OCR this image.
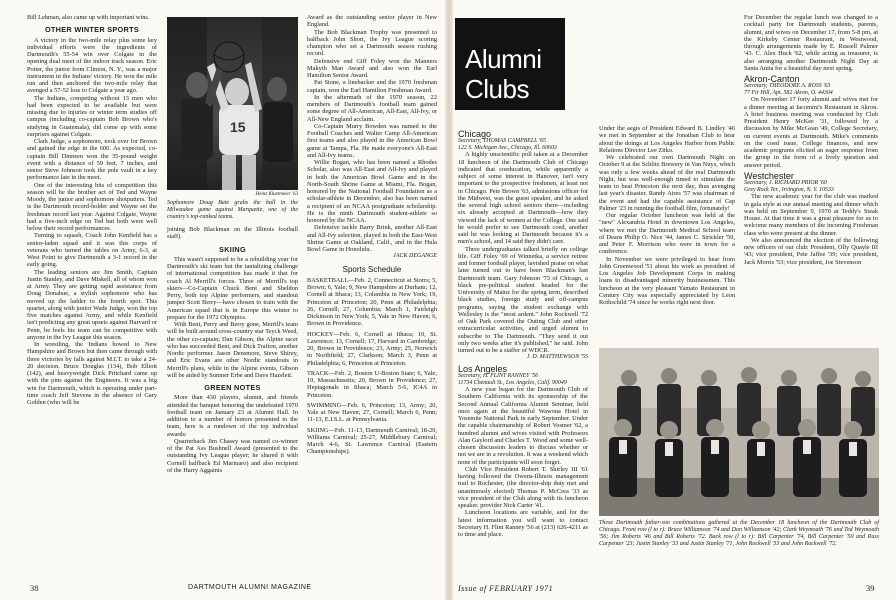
Bill Lehman, also came up with important wins.

OTHER WINTER SPORTS

A victory in the two-mile relay plus some key individual efforts were the ingredients of Dartmouth's 55-54 win over Colgate in the opening dual meet of the indoor track season. Eric Potter, the junior from Clinton, N. Y., was a major instrument in the Indians' victory. He won the mile run and then anchored the two-mile relay that avenged a 57-52 loss to Colgate a year ago.

The Indians, competing without 13 men who had been expected to be available but were missing due to injuries or winter term studies off campus (including co-captain Bob Brown who's studying in Guatemala), did come up with some surprises against Colgate.

Clark Judge, a sophomore, took over for Brown and gained the edge in the 600. As expected, co-captain Bill Dinneen won the 35-pound weight event with a distance of 59 feet, 7 inches, and senior Steve Johnson took the pole vault in a key performance late in the meet.

One of the interesting bits of competition this season will be the brother act of Ted and Wayne Moody, the junior and sophomore shotputters. Ted is the Dartmouth record-holder and Wayne set the freshman record last year. Against Colgate, Wayne had a five-inch edge on Ted but both were well below their record performances.

Turning to squash, Coach John Kenfield has a senior-laden squad and it was this corps of veterans who turned the tables on Army, 6-3, at West Point to give Dartmouth a 3-1 record in the early going.

The leading seniors are Jim Smith, Captain Justin Stanley, and Dave Miskell, all of whom won at Army. They are getting rapid assistance from Doug Donahue, a stylish sophomore who has moved up the ladder to the fourth spot. This quartet, along with junior Wade Judge, won the top five matches against Army, and while Kenfield isn't predicting any great upsets against Harvard or Penn, he feels his team can be competitive with anyone in the Ivy League this season.

In wrestling, the Indians bowed to New Hampshire and Brown but then came through with three victories by falls against M.I.T. to take a 24-20 decision. Bruce Douglas (134), Bob Elliott (142), and heavyweight Dick Pritchard came up with the pins against the Engineers. It was a big win for Dartmouth, which is operating under part-time coach Jeff Stevens in the absence of Gary Golden (who will be

15
Heinz Kluetmeier '63
Sophomore Doug Bate grabs the ball in the Milwaukee game against Marquette, one of the country's top-ranked teams.

joining Bob Blackman on the Illinois football staff).

SKIING

This wasn't supposed to be a rebuilding year for Dartmouth's ski team but the tantalizing challenge of international competition has made it that for coach Al Merrill's forces. Three of Merrill's top skiers—Co-Captain Chuck Bent and Sheldon Perry, both top Alpine performers, and standout jumper Scott Berry—have chosen to train with the American squad that is in Europe this winter to prepare for the 1972 Olympics.

With Bent, Perry and Berry gone, Merrill's team will be built around cross-country star Teyck Weed, the other co-captain; Dan Gibson, the Alpine racer who has succeeded Bent, and Dick Trafton, another Nordic performer. Jason Densmore, Steve Shirey, and Eric Evans are other Nordic standouts in Merrill's plans, while in the Alpine events, Gibson will be aided by Sumner Erbe and Dave Hazelett.

GREEN NOTES

More than 430 players, alumni, and friends attended the banquet honoring the undefeated 1970 football team on January 23 at Alumni Hall. In addition to a number of honors presented to the team, here is a rundown of the top individual awards:

Quarterback Jim Chasey was named co-winner of the Pat Ass Bushnell Award (presented to the outstanding Ivy League player; he shared it with Cornell halfback Ed Marinaro) and also recipient of the Harry Aggainis

Award as the outstanding senior player in New England.

The Bob Blackman Trophy was presented to halfback John Short, the Ivy League scoring champion who set a Dartmouth season rushing record.

Defensive end Giff Foley won the Manners Makyth Man Award and also won the Earl Hamilton Senior Award.

Pat Stone, a linebacker and the 1970 freshman captain, won the Earl Hamilton Freshman Award.

In the aftermath of the 1970 season, 22 members of Dartmouth's football team gained some degree of All-American, All-East, All-Ivy, or All-New England acclaim.

Co-Captain Murry Bowden was named to the Football Coaches and Walter Camp All-American first teams and also played in the American Bowl game at Tampa, Fla. He made everyone's All-East and All-Ivy teams.

Willie Bogan, who has been named a Rhodes Scholar, also was All-East and All-Ivy and played in both the American Bowl Game and in the North-South Shrine Game at Miami, Fla. Bogan, honored by the National Football Foundation as a scholar-athlete in December, also has been named a recipient of an NCAA postgraduate scholarship. He is the ninth Dartmouth student-athlete so honored by the NCAA.

Defensive tackle Barry Brink, another All-East and All-Ivy selection, played in both the East-West Shrine Game at Oakland, Calif., and in the Hula Bowl Game in Honolulu.

JACK DEGANGE

Sports Schedule

BASKETBALL—Feb. 2, Connecticut at Storrs; 5, Brown; 6, Yale; 9, New Hampshire at Durham; 12, Cornell at Ithaca; 13, Columbia in New York; 19, Princeton at Princeton; 20, Penn at Philadelphia; 26, Cornell; 27, Columbia; March 1, Fairleigh Dickinson in New York; 5, Yale in New Haven; 6, Brown in Providence.

HOCKEY—Feb. 6, Cornell at Ithaca; 10, St. Lawrence; 13, Cornell; 17, Harvard in Cambridge; 20, Brown in Providence; 23, Army; 25, Norwich in Northfield; 27, Clarkson; March 3, Penn at Philadelphia; 6, Princeton at Princeton.

TRACK—Feb. 2, Boston U-Boston State; 6, Yale; 10, Massachusetts; 20, Brown in Providence; 27, Heptagonals in Ithaca; March 5-6, IC4A in Princeton.

SWIMMING—Feb. 6, Princeton; 13, Army; 20, Yale at New Haven; 27, Cornell; March 6, Penn; 11-13, E.I.S.L. at Pennsylvania.

SKIING—Feb. 11-13, Dartmouth Carnival; 18-20, Williams Carnival; 25-27, Middlebury Carnival; March 4-6, St. Lawrence Carnival (Eastern Championships).

38	DARTMOUTH ALUMNI MAGAZINE
Alumni Clubs
Chicago

Secretary, THOMAS CAMPBELL '65

122 S. Michigan Ave., Chicago, Ill. 60603

A highly unscientific poll taken at a December 18 luncheon of the Dartmouth Club of Chicago indicated that coeducation, while apparently a subject of some interest in Hanover, isn't very important to the prospective freshmen, at least not in Chicago. Pete Brown '63, admissions officer for the Midwest, was the guest speaker, and he asked the several high school seniors there—including six already accepted at Dartmouth—how they viewed the lack of women at the College. One said he would prefer to see Dartmouth coed, another said he was looking at Dartmouth because it's a men's school, and 14 said they didn't care.

Three undergraduates talked briefly on college life. Giff Foley '69 of Winnetka, a service retiree and former football player, lavished praise on what later turned out to have been Blackman's last Dartmouth team. Gary Johnson '73 of Chicago, a black pre-political student headed for the University of Mainz for the spring term, described black studies, foreign study and off-campus programs, saying the student exchange with Wellesley is the "most ardent." John Rockwell '72 of Oak Park covered the Outing Club and other extracurricular activities, and urged alumni to subscribe to The Dartmouth. "They send it out only two weeks after it's published," he said. John turned out to be a staffer of WDCR.

J. D. MATTHEWSON '55

Los Angeles

Secretary, H. FLINT RANNEY '56

11734 Chenault St., Los Angeles, Calif. 90049

A new year began for the Dartmouth Club of Southern California with its sponsorship of the Second Annual California Alumni Seminar, held once again at the beautiful Wawona Hotel in Yosemite National Park in early September. Under the capable chairmanship of Robert Vosmer '62, a hundred alumni and wives visited with Professors Alan Gaylord and Charles T. Wood and some well-chosen discussion leaders to discuss whether or not we are in a revolution. It was a weekend which none of the participants will soon forget.

Club Vice President Robert T. Shirley III '61 having followed the Owens-Illinois management trail to Rochester, (the director-ship duty met and unanimously elected) Thomas P. McCrea '33 as vice president of the Club along with its luncheon speaker. provider Nick Carter '41.

Luncheon locations are variable, and for the latest information you will want to contact Secretary H. Flint Ranney '56 at (213) 626-4211 as to time and place.

Under the aegis of President Edward B. Lindley '46 we met in September at the Jonathan Club to hear about the doings at Los Angeles Harbor from Public Relations Director Lee Zitko.

We celebrated our own Dartmouth Night on October 9 at the Schlitz Brewery in Van Nuys, which was only a few weeks ahead of the real Dartmouth Night, but was well-enough timed to stimulate the team to beat Princeton the next day, thus avenging last year's disaster. Randy Aires '57 was chairman of the event and had the capable assistance of Cap Palmer '23 in running the football film, fortunately!

Our regular October luncheon was held at the "new" Alexandria Hotel in downtown Los Angeles, where we met the Dartmouth Medical School team of Deans Philip O. Nice '44, James C. Strickler '50, and Peter F. Morrison who were in town for a conference.

In November we were privileged to hear from John Greenwood '51 about his work as president of Los Angeles Job Development Corps in making loans to disadvantaged minority businessmen. This luncheon at the very pleasant Yamato Restaurant in Century City was especially appreciated by Leon Rothschild '74 since he works right next door.

For December the regular lunch was changed to a cocktail party for Dartmouth students, parents, alumni, and wives on December 17, from 5-8 pm, at the Kirkeby Center Restaurant, in Westwood, through arrangements made by E. Russell Palmer '43. C. Alex Huck '62, while acting as treasurer, is also arranging another Dartmouth Night Day at Santa Anita for a beautiful day next spring.

Akron-Canton

Secretary, THEODORE A. ROSS '63

77 Fir Hill, Apt. 582 Akron, O. 44304

On November 17 forty alumni and wives met for a dinner meeting at Iacomini's Restaurant in Akron. A brief business meeting was conducted by Club President Henry McKee '31, followed by a discussion by Mike McGean '49, College Secretary, on current events at Dartmouth. Mike's comments on the coed issue, College finances, and new academic programs elicited an eager response from the group in the form of a lively question and answer period.

Westchester

Secretary, J. RICHARD PRIOR '60

Grey Rock Ter., Irvington, N. Y. 10533

The new academic year for the club was marked in gala style at our annual meeting and dinner which was held on September 9, 1970 at Teddy's Steak House. At that time it was a great pleasure for us to welcome many members of the incoming Freshman class who were present at the dinner.

We also announced the election of the following new officers of our club: President, Olly Quayle III '43; vice president, Pete Jaffee '39; vice president, Jack Morris '53; vice president, Joe Stevenson

These Dartmouth father-son combinations gathered at the December 18 luncheon of the Dartmouth Club of Chicago. Front row (l to r): Bruce Williamson '74 and Don Williamson '42; Clark Weymouth '76 and Ted Weymouth '56; Jim Roberts '46 and Bill Roberts '72. Back row (l to r): Bill Carpenter '74, Bill Carpenter '50 and Russ Carpenter '23; Justin Stanley '33 and Justin Stanley '71, John Rockwell '33 and John Rockwell '72.
Issue of FEBRUARY 1971	39
